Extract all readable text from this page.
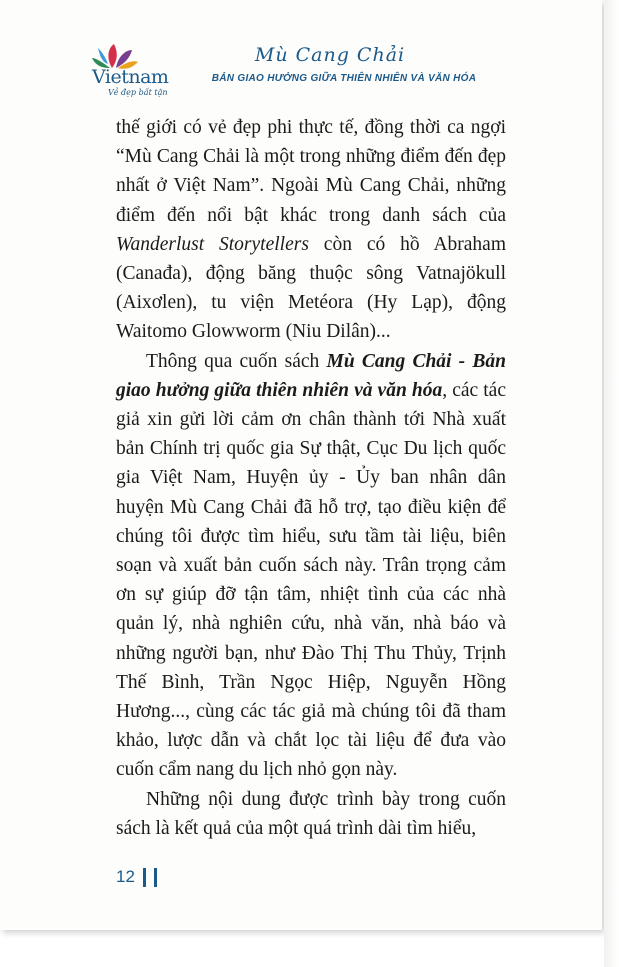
Vietnam
Vẻ đẹp bất tận
Mù Cang Chải
BẢN GIAO HƯỞNG GIỮA THIÊN NHIÊN VÀ VĂN HÓA

thế giới có vẻ đẹp phi thực tế, đồng thời ca ngợi “Mù Cang Chải là một trong những điểm đến đẹp nhất ở Việt Nam”. Ngoài Mù Cang Chải, những điểm đến nổi bật khác trong danh sách của Wanderlust Storytellers còn có hồ Abraham (Canađa), động băng thuộc sông Vatnajökull (Aixơlen), tu viện Metéora (Hy Lạp), động Waitomo Glowworm (Niu Dilân)...

Thông qua cuốn sách Mù Cang Chải - Bản giao hưởng giữa thiên nhiên và văn hóa, các tác giả xin gửi lời cảm ơn chân thành tới Nhà xuất bản Chính trị quốc gia Sự thật, Cục Du lịch quốc gia Việt Nam, Huyện ủy - Ủy ban nhân dân huyện Mù Cang Chải đã hỗ trợ, tạo điều kiện để chúng tôi được tìm hiểu, sưu tầm tài liệu, biên soạn và xuất bản cuốn sách này. Trân trọng cảm ơn sự giúp đỡ tận tâm, nhiệt tình của các nhà quản lý, nhà nghiên cứu, nhà văn, nhà báo và những người bạn, như Đào Thị Thu Thủy, Trịnh Thế Bình, Trần Ngọc Hiệp, Nguyễn Hồng Hương..., cùng các tác giả mà chúng tôi đã tham khảo, lược dẫn và chắt lọc tài liệu để đưa vào cuốn cẩm nang du lịch nhỏ gọn này.

Những nội dung được trình bày trong cuốn sách là kết quả của một quá trình dài tìm hiểu,

12
